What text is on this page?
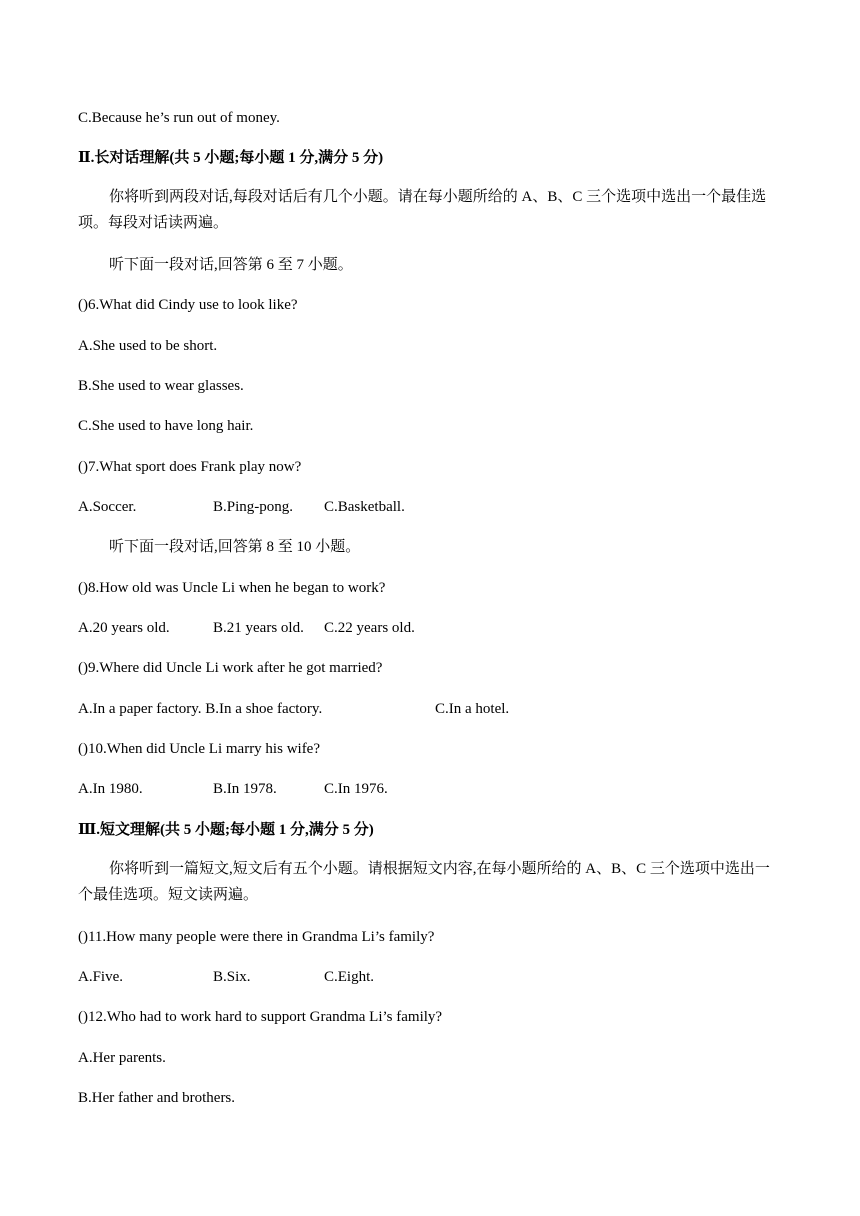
C.Because he’s run out of money.
Ⅱ.长对话理解(共 5 小题;每小题 1 分,满分 5 分)
你将听到两段对话,每段对话后有几个小题。请在每小题所给的 A、B、C 三个选项中选出一个最佳选项。每段对话读两遍。
听下面一段对话,回答第 6 至 7 小题。
()6.What did Cindy use to look like?
A.She used to be short.
B.She used to wear glasses.
C.She used to have long hair.
()7.What sport does Frank play now?
A.Soccer.	B.Ping-pong. C.Basketball.
听下面一段对话,回答第 8 至 10 小题。
()8.How old was Uncle Li when he began to work?
A.20 years old.	B.21 years old. C.22 years old.
()9.Where did Uncle Li work after he got married?
A.In a paper factory. B.In a shoe factory.	C.In a hotel.
()10.When did Uncle Li marry his wife?
A.In 1980.	B.In 1978.	C.In 1976.
Ⅲ.短文理解(共 5 小题;每小题 1 分,满分 5 分)
你将听到一篇短文,短文后有五个小题。请根据短文内容,在每小题所给的 A、B、C 三个选项中选出一个最佳选项。短文读两遍。
()11.How many people were there in Grandma Li’s family?
A.Five.	B.Six.	C.Eight.
()12.Who had to work hard to support Grandma Li’s family?
A.Her parents.
B.Her father and brothers.
